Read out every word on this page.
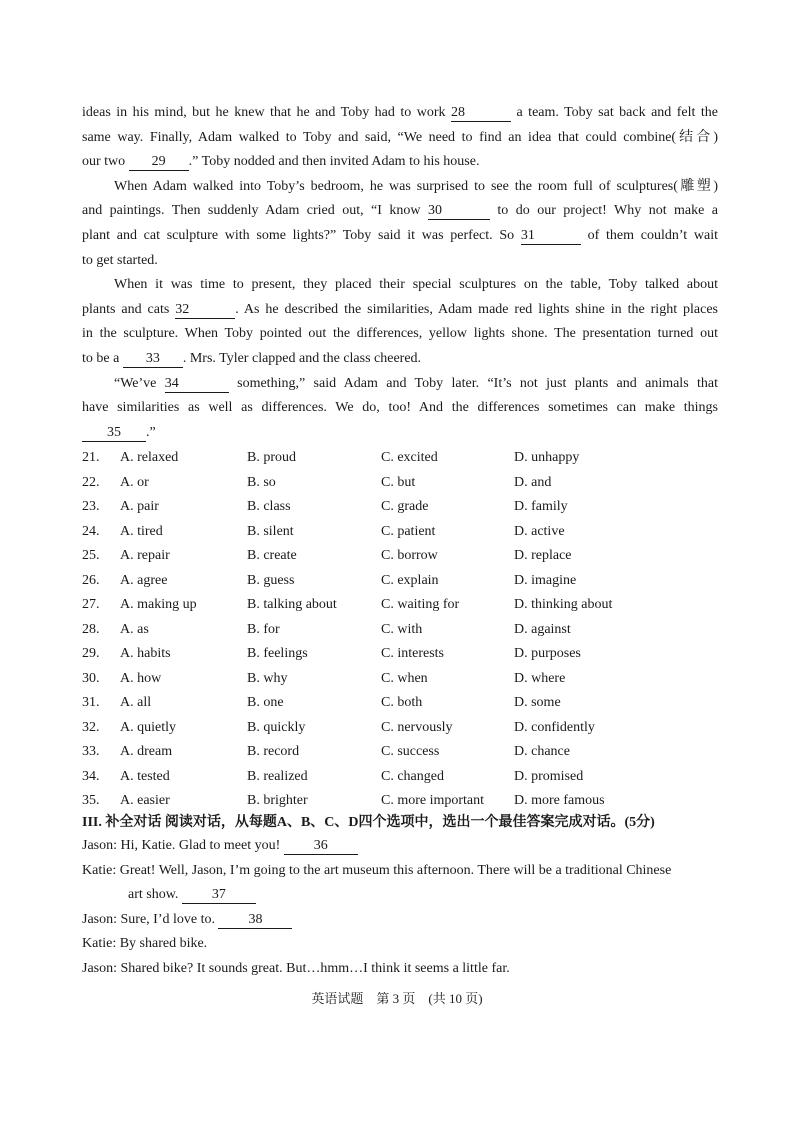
ideas in his mind, but he knew that he and Toby had to work 28	a team. Toby sat back and felt the
same way. Finally, Adam walked to Toby and said, “We need to find an idea that could combine(结合)
our two 29 .” Toby nodded and then invited Adam to his house.
When Adam walked into Toby’s bedroom, he was surprised to see the room full of sculptures(雕塑)
and paintings. Then suddenly Adam cried out, “I know 30	to do our project! Why not make a
plant and cat sculpture with some lights?” Toby said it was perfect. So 31	of them couldn’t wait
to get started.
When it was time to present, they placed their special sculptures on the table, Toby talked about
plants and cats 32	. As he described the similarities, Adam made red lights shine in the right places
in the sculpture. When Toby pointed out the differences, yellow lights shone. The presentation turned out
to be a 33 . Mrs. Tyler clapped and the class cheered.
“We’ve 34	something,” said Adam and Toby later. “It’s not just plants and animals that
have similarities as well as differences. We do, too! And the differences sometimes can make things
35 .”
21. A. relaxed	B. proud	C. excited	D. unhappy
22. A. or	B. so	C. but	D. and
23. A. pair	B. class	C. grade	D. family
24. A. tired	B. silent	C. patient	D. active
25. A. repair	B. create	C. borrow	D. replace
26. A. agree	B. guess	C. explain	D. imagine
27. A. making up	B. talking about	C. waiting for	D. thinking about
28. A. as	B. for	C. with	D. against
29. A. habits	B. feelings	C. interests	D. purposes
30. A. how	B. why	C. when	D. where
31. A. all	B. one	C. both	D. some
32. A. quietly	B. quickly	C. nervously	D. confidently
33. A. dream	B. record	C. success	D. chance
34. A. tested	B. realized	C. changed	D. promised
35. A. easier	B. brighter	C. more important D. more famous
III. 补全对话 阅读对话，从每题A、B、C、D四个选项中，选出一个最佳答案完成对话。(5分)
Jason: Hi, Katie. Glad to meet you! 36
Katie: Great! Well, Jason, I’m going to the art museum this afternoon. There will be a traditional Chinese
art show. 37
Jason: Sure, I’d love to. 38
Katie: By shared bike.
Jason: Shared bike? It sounds great. But…hmm…I think it seems a little far.
英语试题　第 3 页　(共 10 页)
